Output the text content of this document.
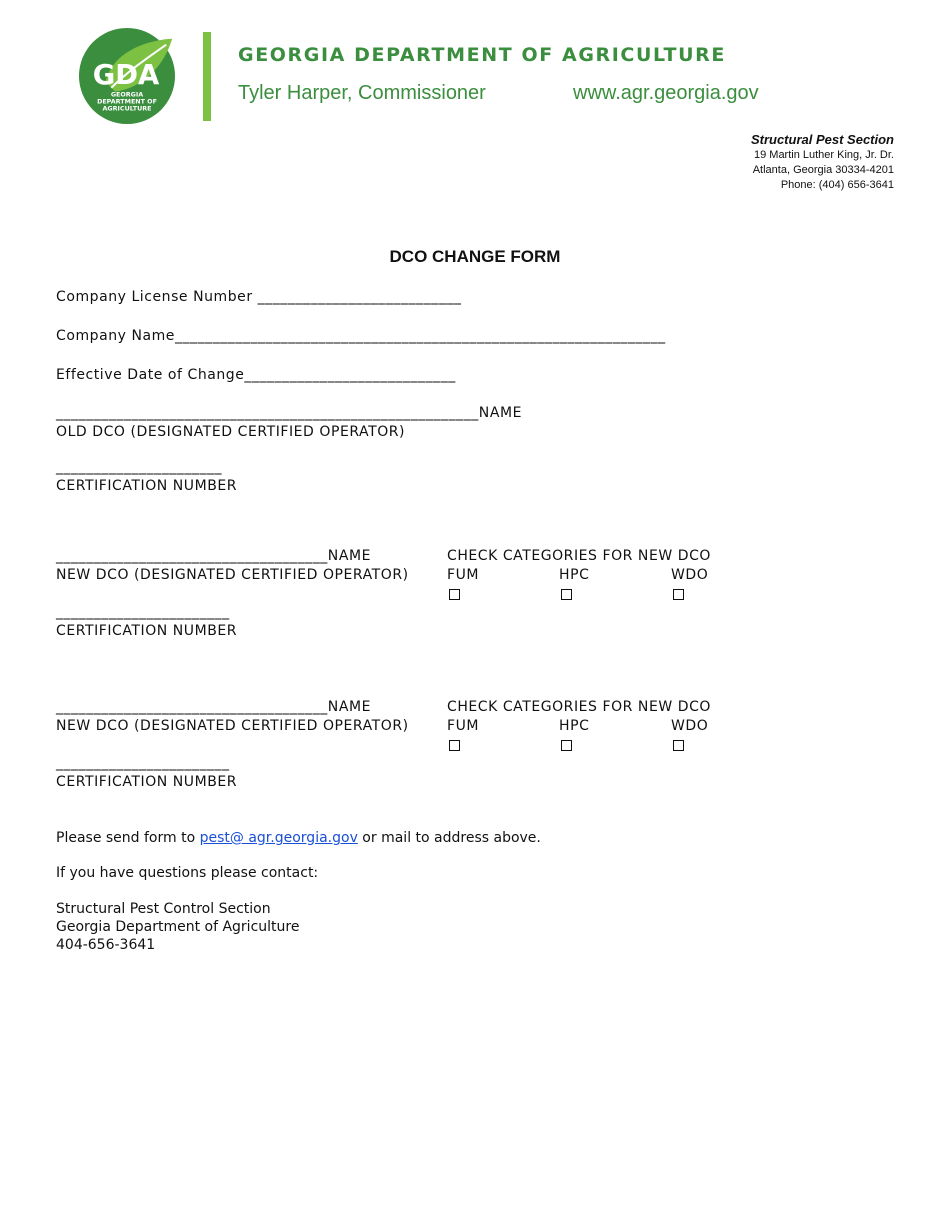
GDA
GEORGIA
DEPARTMENT OF
AGRICULTURE
GEORGIA DEPARTMENT OF AGRICULTURE
Tyler Harper, Commissioner	www.agr.georgia.gov
Structural Pest Section
19 Martin Luther King, Jr. Dr.
Atlanta, Georgia 30334-4201
Phone: (404) 656-3641
DCO CHANGE FORM
Company License Number ___________________________
Company Name_________________________________________________________________
Effective Date of Change____________________________
________________________________________________________NAME
OLD DCO (DESIGNATED CERTIFIED OPERATOR)
______________________
CERTIFICATION NUMBER
____________________________________NAME
NEW DCO (DESIGNATED CERTIFIED OPERATOR)
CHECK CATEGORIES FOR NEW DCO
FUM	HPC	WDO
_______________________
CERTIFICATION NUMBER
____________________________________NAME
NEW DCO (DESIGNATED CERTIFIED OPERATOR)
CHECK CATEGORIES FOR NEW DCO
FUM	HPC	WDO
_______________________
CERTIFICATION NUMBER
Please send form to pest@ agr.georgia.gov or mail to address above.
If you have questions please contact:
Structural Pest Control Section
Georgia Department of Agriculture
404-656-3641
